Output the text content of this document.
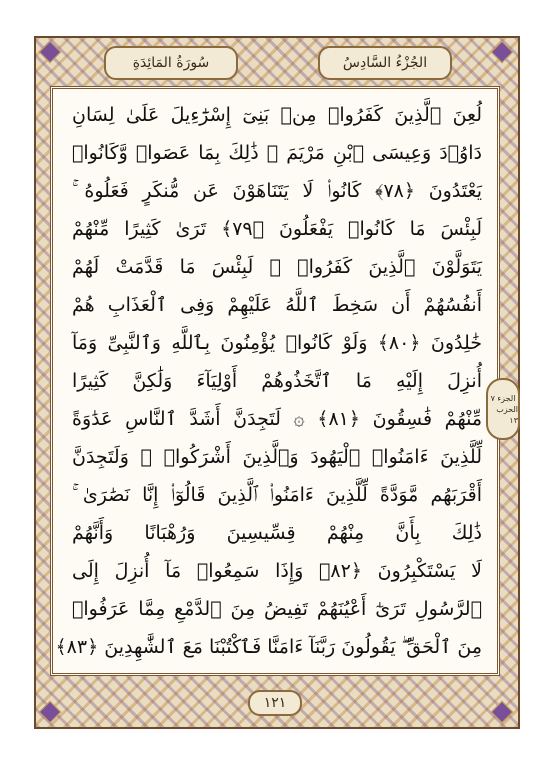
الجُزْءُ السَّادِسُ
سُورَةُ المَائِدَةِ
لُعِنَ ٱلَّذِينَ كَفَرُوا۟ مِنۢ بَنِىٓ إِسْرَٰٓءِيلَ عَلَىٰ لِسَانِ
دَاوُۥدَ وَعِيسَى ٱبْنِ مَرْيَمَ ۚ ذَٰلِكَ بِمَا عَصَوا۟ وَّكَانُوا۟
يَعْتَدُونَ ﴿٧٨﴾ كَانُوا۟ لَا يَتَنَاهَوْنَ عَن مُّنكَرٍ فَعَلُوهُ ۚ
لَبِئْسَ مَا كَانُوا۟ يَفْعَلُونَ ﴿٧٩﴾ تَرَىٰ كَثِيرًا مِّنْهُمْ
يَتَوَلَّوْنَ ٱلَّذِينَ كَفَرُوا۟ ۚ لَبِئْسَ مَا قَدَّمَتْ لَهُمْ
أَنفُسُهُمْ أَن سَخِطَ ٱللَّهُ عَلَيْهِمْ وَفِى ٱلْعَذَابِ هُمْ
خَٰلِدُونَ ﴿٨٠﴾ وَلَوْ كَانُوا۟ يُؤْمِنُونَ بِٱللَّهِ وَٱلنَّبِىِّ وَمَآ
أُنزِلَ إِلَيْهِ مَا ٱتَّخَذُوهُمْ أَوْلِيَآءَ وَلَٰكِنَّ كَثِيرًا
مِّنْهُمْ فَٰسِقُونَ ﴿٨١﴾ ۞ لَتَجِدَنَّ أَشَدَّ ٱلنَّاسِ عَدَٰوَةً
لِّلَّذِينَ ءَامَنُوا۟ ٱلْيَهُودَ وَٱلَّذِينَ أَشْرَكُوا۟ ۖ وَلَتَجِدَنَّ
أَقْرَبَهُم مَّوَدَّةً لِّلَّذِينَ ءَامَنُوا۟ ٱلَّذِينَ قَالُوٓا۟ إِنَّا نَصَٰرَىٰ ۚ
ذَٰلِكَ بِأَنَّ مِنْهُمْ قِسِّيسِينَ وَرُهْبَانًا وَأَنَّهُمْ
لَا يَسْتَكْبِرُونَ ﴿٨٢﴾ وَإِذَا سَمِعُوا۟ مَآ أُنزِلَ إِلَى
ٱلرَّسُولِ تَرَىٰٓ أَعْيُنَهُمْ تَفِيضُ مِنَ ٱلدَّمْعِ مِمَّا عَرَفُوا۟
مِنَ ٱلْحَقِّ ۖ يَقُولُونَ رَبَّنَآ ءَامَنَّا فَٱكْتُبْنَا مَعَ ٱلشَّٰهِدِينَ ﴿٨٣﴾
الجزء ٧
الحزب ١٣
١٢١
